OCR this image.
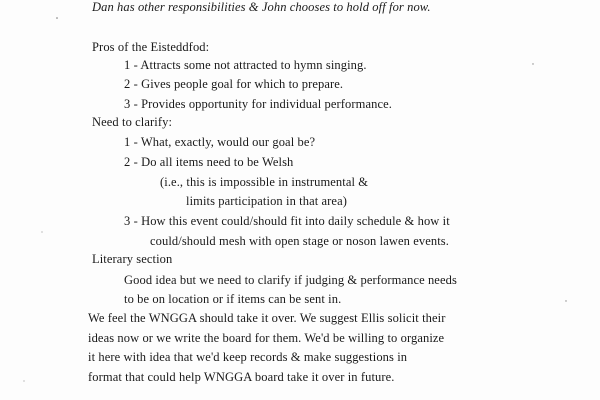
Dan has other responsibilities & John chooses to hold off for now.
Pros of the Eisteddfod:
1 - Attracts some not attracted to hymn singing.
2 - Gives people goal for which to prepare.
3 - Provides opportunity for individual performance.
Need to clarify:
1 - What, exactly, would our goal be?
2 - Do all items need to be Welsh
(i.e., this is impossible in instrumental &
limits participation in that area)
3 - How this event could/should fit into daily schedule & how it
could/should mesh with open stage or noson lawen events.
Literary section
Good idea but we need to clarify if judging & performance needs
to be on location or if items can be sent in.
We feel the WNGGA should take it over. We suggest Ellis solicit their
ideas now or we write the board for them. We'd be willing to organize
it here with idea that we'd keep records & make suggestions in
format that could help WNGGA board take it over in future.
